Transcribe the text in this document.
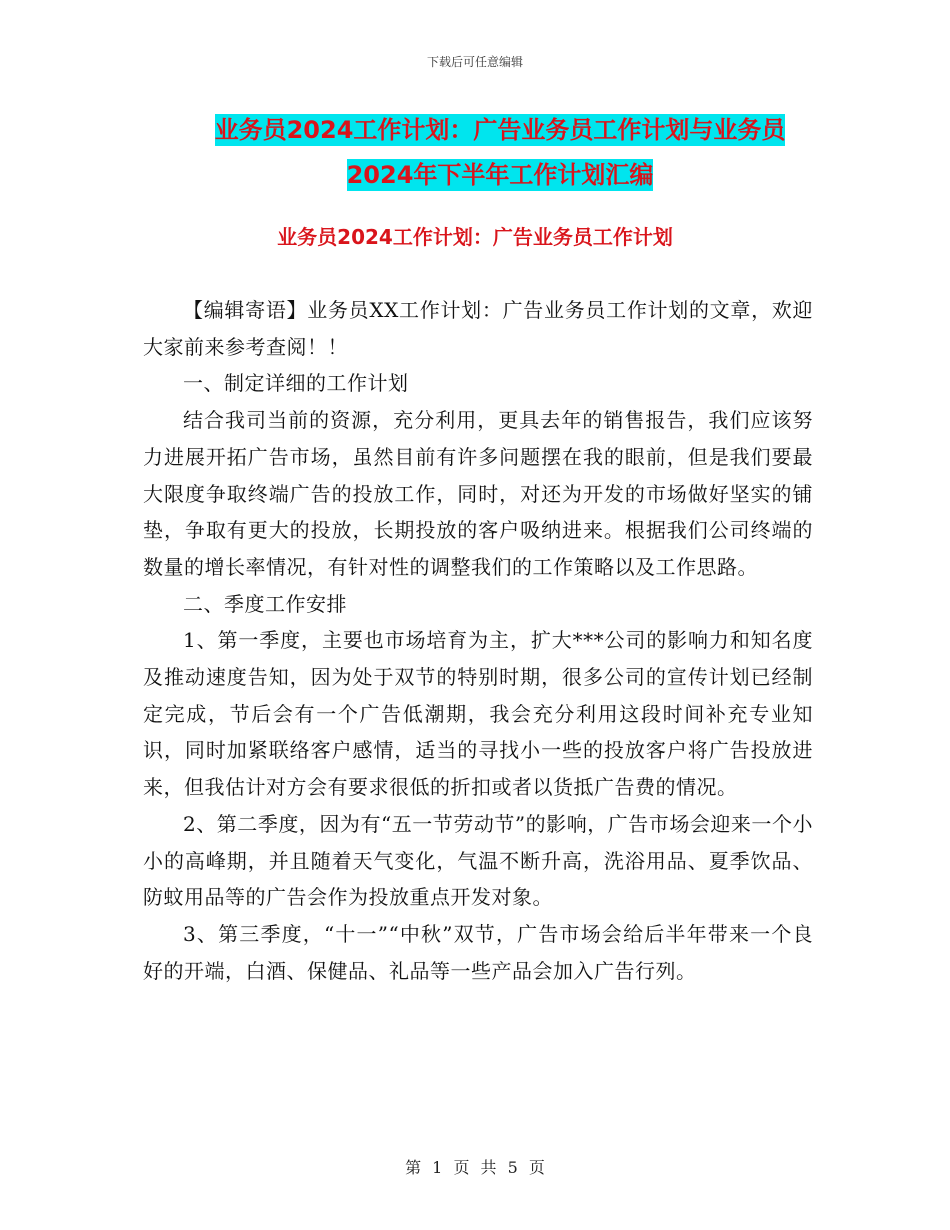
下载后可任意编辑
业务员2024工作计划：广告业务员工作计划与业务员
2024年下半年工作计划汇编
业务员2024工作计划：广告业务员工作计划

【编辑寄语】业务员XX工作计划：广告业务员工作计划的文章，欢迎大家前来参考查阅！！

一、制定详细的工作计划

结合我司当前的资源，充分利用，更具去年的销售报告，我们应该努力进展开拓广告市场，虽然目前有许多问题摆在我的眼前，但是我们要最大限度争取终端广告的投放工作，同时，对还为开发的市场做好坚实的铺垫，争取有更大的投放，长期投放的客户吸纳进来。根据我们公司终端的数量的增长率情况，有针对性的调整我们的工作策略以及工作思路。

二、季度工作安排

1、第一季度，主要也市场培育为主，扩大***公司的影响力和知名度及推动速度告知，因为处于双节的特别时期，很多公司的宣传计划已经制定完成，节后会有一个广告低潮期，我会充分利用这段时间补充专业知识，同时加紧联络客户感情，适当的寻找小一些的投放客户将广告投放进来，但我估计对方会有要求很低的折扣或者以货抵广告费的情况。

2、第二季度，因为有“五一节劳动节”的影响，广告市场会迎来一个小小的高峰期，并且随着天气变化，气温不断升高，洗浴用品、夏季饮品、防蚊用品等的广告会作为投放重点开发对象。

3、第三季度，“十一”“中秋”双节，广告市场会给后半年带来一个良好的开端，白酒、保健品、礼品等一些产品会加入广告行列。

第 1 页 共 5 页
